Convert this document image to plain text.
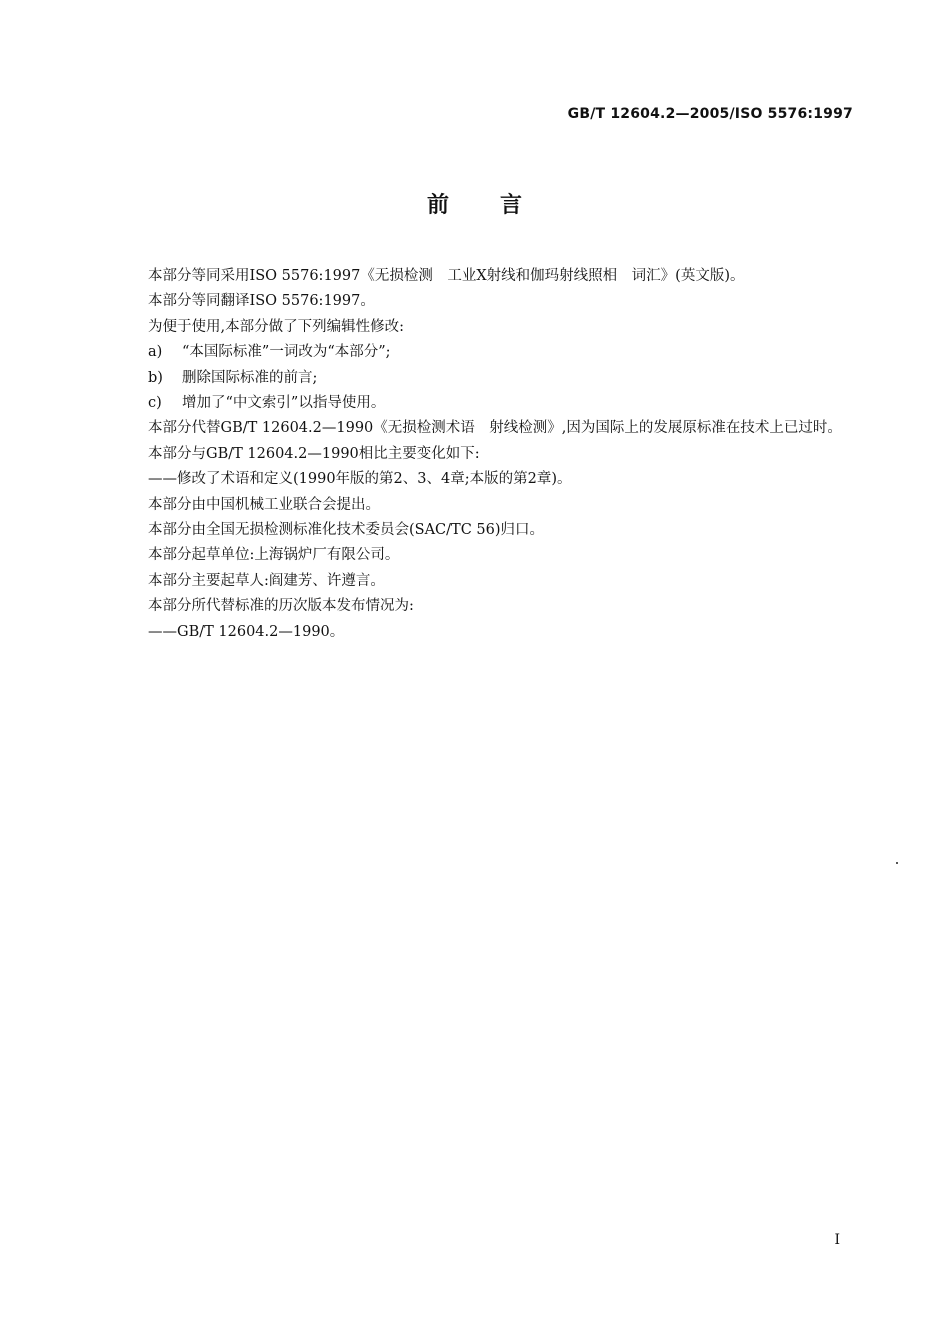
GB/T 12604.2—2005/ISO 5576:1997
前 言

本部分等同采用ISO 5576:1997《无损检测　工业X射线和伽玛射线照相　词汇》(英文版)。

本部分等同翻译ISO 5576:1997。

为便于使用,本部分做了下列编辑性修改:

a) “本国际标准”一词改为“本部分”;

b) 删除国际标准的前言;

c) 增加了“中文索引”以指导使用。

本部分代替GB/T 12604.2—1990《无损检测术语　射线检测》,因为国际上的发展原标准在技术上已过时。

本部分与GB/T 12604.2—1990相比主要变化如下:

——修改了术语和定义(1990年版的第2、3、4章;本版的第2章)。

本部分由中国机械工业联合会提出。

本部分由全国无损检测标准化技术委员会(SAC/TC 56)归口。

本部分起草单位:上海锅炉厂有限公司。

本部分主要起草人:阎建芳、许遵言。

本部分所代替标准的历次版本发布情况为:

——GB/T 12604.2—1990。

I
